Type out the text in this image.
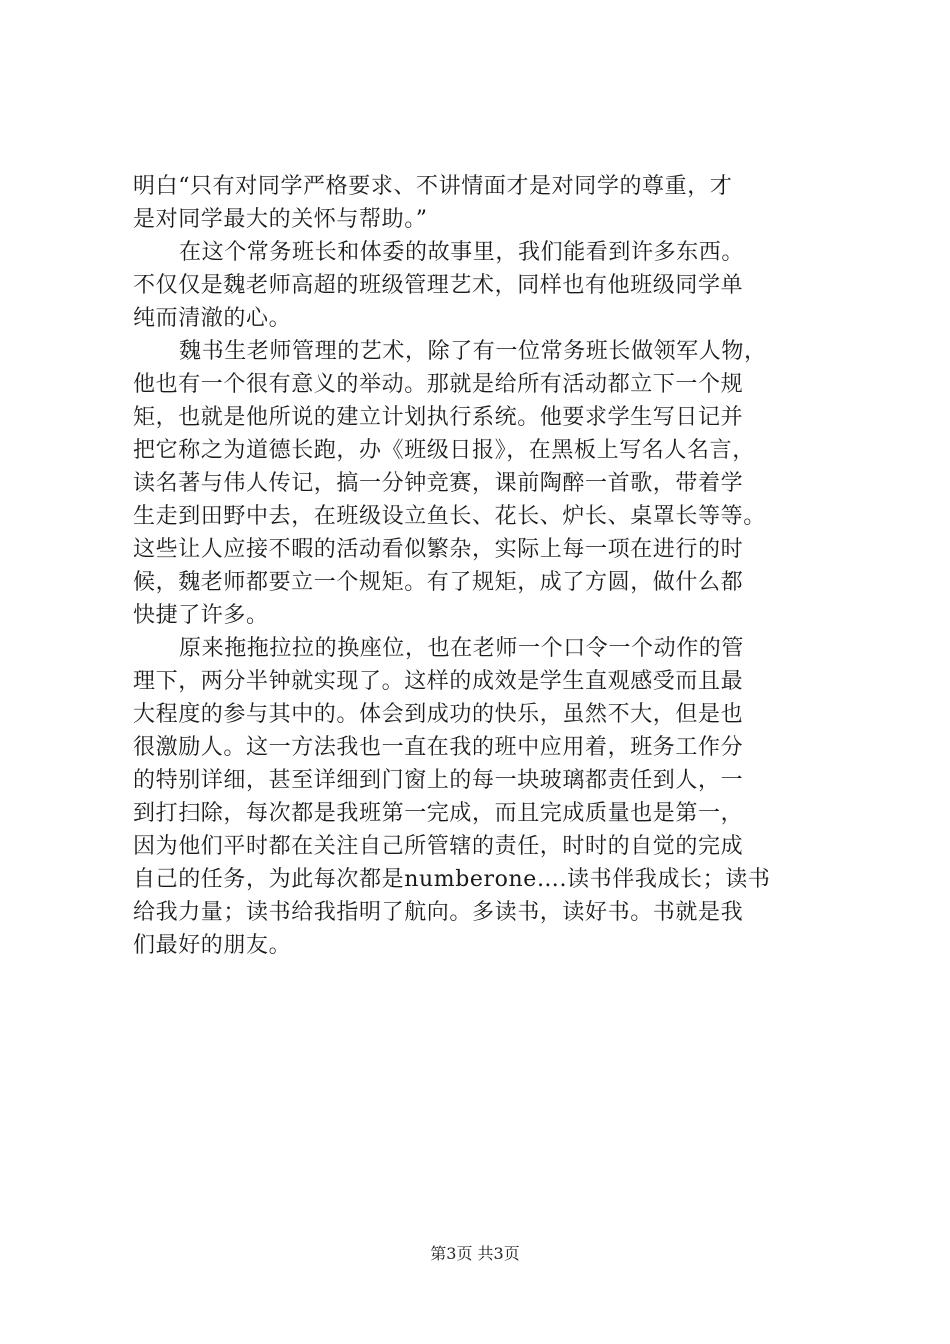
明白“只有对同学严格要求、不讲情面才是对同学的尊重，才
是对同学最大的关怀与帮助。”
在这个常务班长和体委的故事里，我们能看到许多东西。
不仅仅是魏老师高超的班级管理艺术，同样也有他班级同学单
纯而清澈的心。
魏书生老师管理的艺术，除了有一位常务班长做领军人物，
他也有一个很有意义的举动。那就是给所有活动都立下一个规
矩，也就是他所说的建立计划执行系统。他要求学生写日记并
把它称之为道德长跑，办《班级日报》，在黑板上写名人名言，
读名著与伟人传记，搞一分钟竞赛，课前陶醉一首歌，带着学
生走到田野中去，在班级设立鱼长、花长、炉长、桌罩长等等。
这些让人应接不暇的活动看似繁杂，实际上每一项在进行的时
候，魏老师都要立一个规矩。有了规矩，成了方圆，做什么都
快捷了许多。
原来拖拖拉拉的换座位，也在老师一个口令一个动作的管
理下，两分半钟就实现了。这样的成效是学生直观感受而且最
大程度的参与其中的。体会到成功的快乐，虽然不大，但是也
很激励人。这一方法我也一直在我的班中应用着，班务工作分
的特别详细，甚至详细到门窗上的每一块玻璃都责任到人，一
到打扫除，每次都是我班第一完成，而且完成质量也是第一，
因为他们平时都在关注自己所管辖的责任，时时的自觉的完成
自己的任务，为此每次都是numberone….读书伴我成长；读书
给我力量；读书给我指明了航向。多读书，读好书。书就是我
们最好的朋友。
第3页 共3页
